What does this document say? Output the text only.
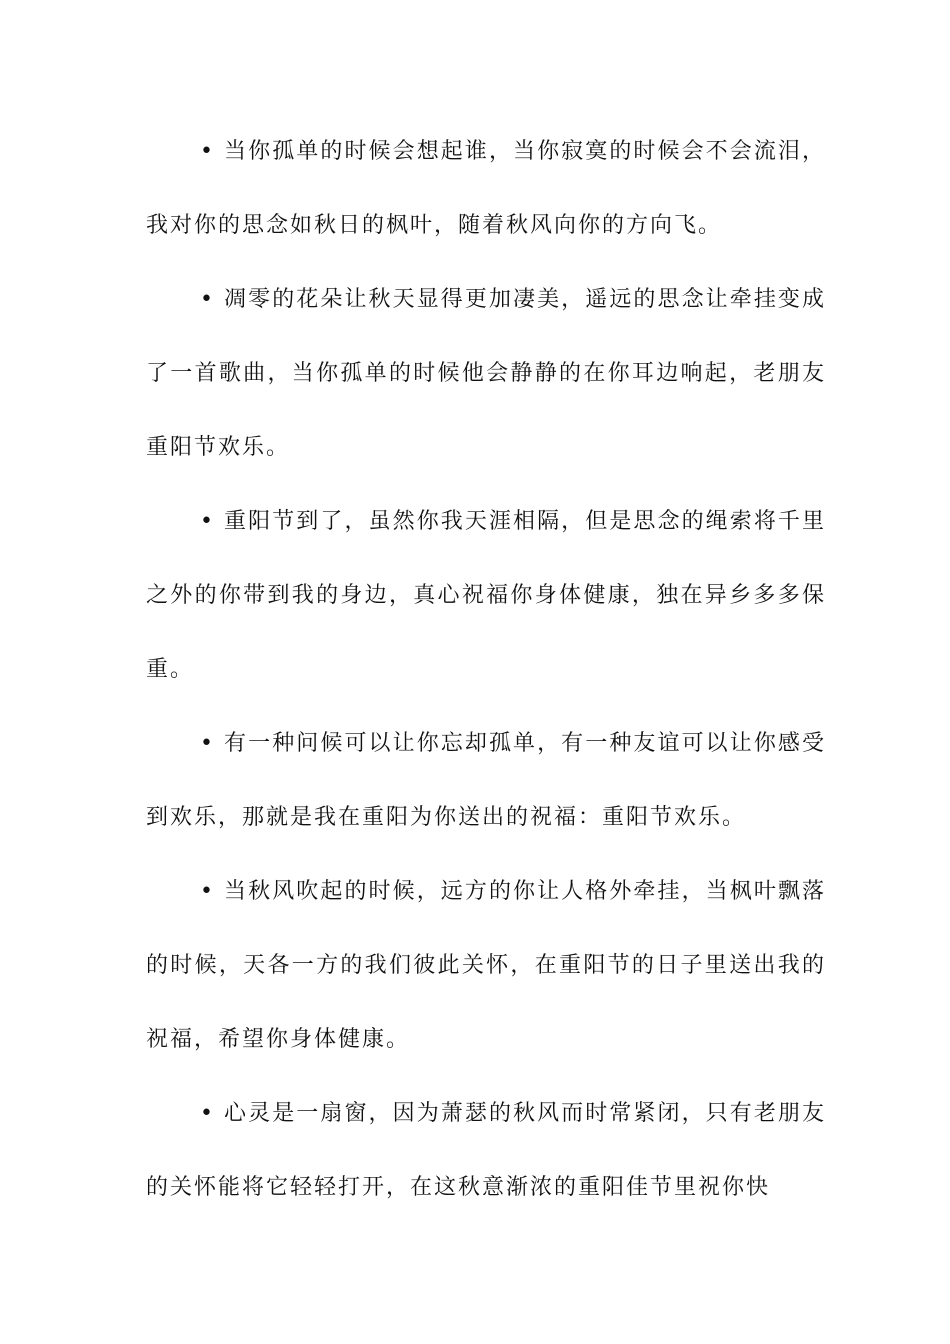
• 当你孤单的时候会想起谁，当你寂寞的时候会不会流泪，我对你的思念如秋日的枫叶，随着秋风向你的方向飞。

• 凋零的花朵让秋天显得更加凄美，遥远的思念让牵挂变成了一首歌曲，当你孤单的时候他会静静的在你耳边响起，老朋友重阳节欢乐。

• 重阳节到了，虽然你我天涯相隔，但是思念的绳索将千里之外的你带到我的身边，真心祝福你身体健康，独在异乡多多保重。

• 有一种问候可以让你忘却孤单，有一种友谊可以让你感受到欢乐，那就是我在重阳为你送出的祝福：重阳节欢乐。

• 当秋风吹起的时候，远方的你让人格外牵挂，当枫叶飘落的时候，天各一方的我们彼此关怀，在重阳节的日子里送出我的祝福，希望你身体健康。

• 心灵是一扇窗，因为萧瑟的秋风而时常紧闭，只有老朋友的关怀能将它轻轻打开，在这秋意渐浓的重阳佳节里祝你快
